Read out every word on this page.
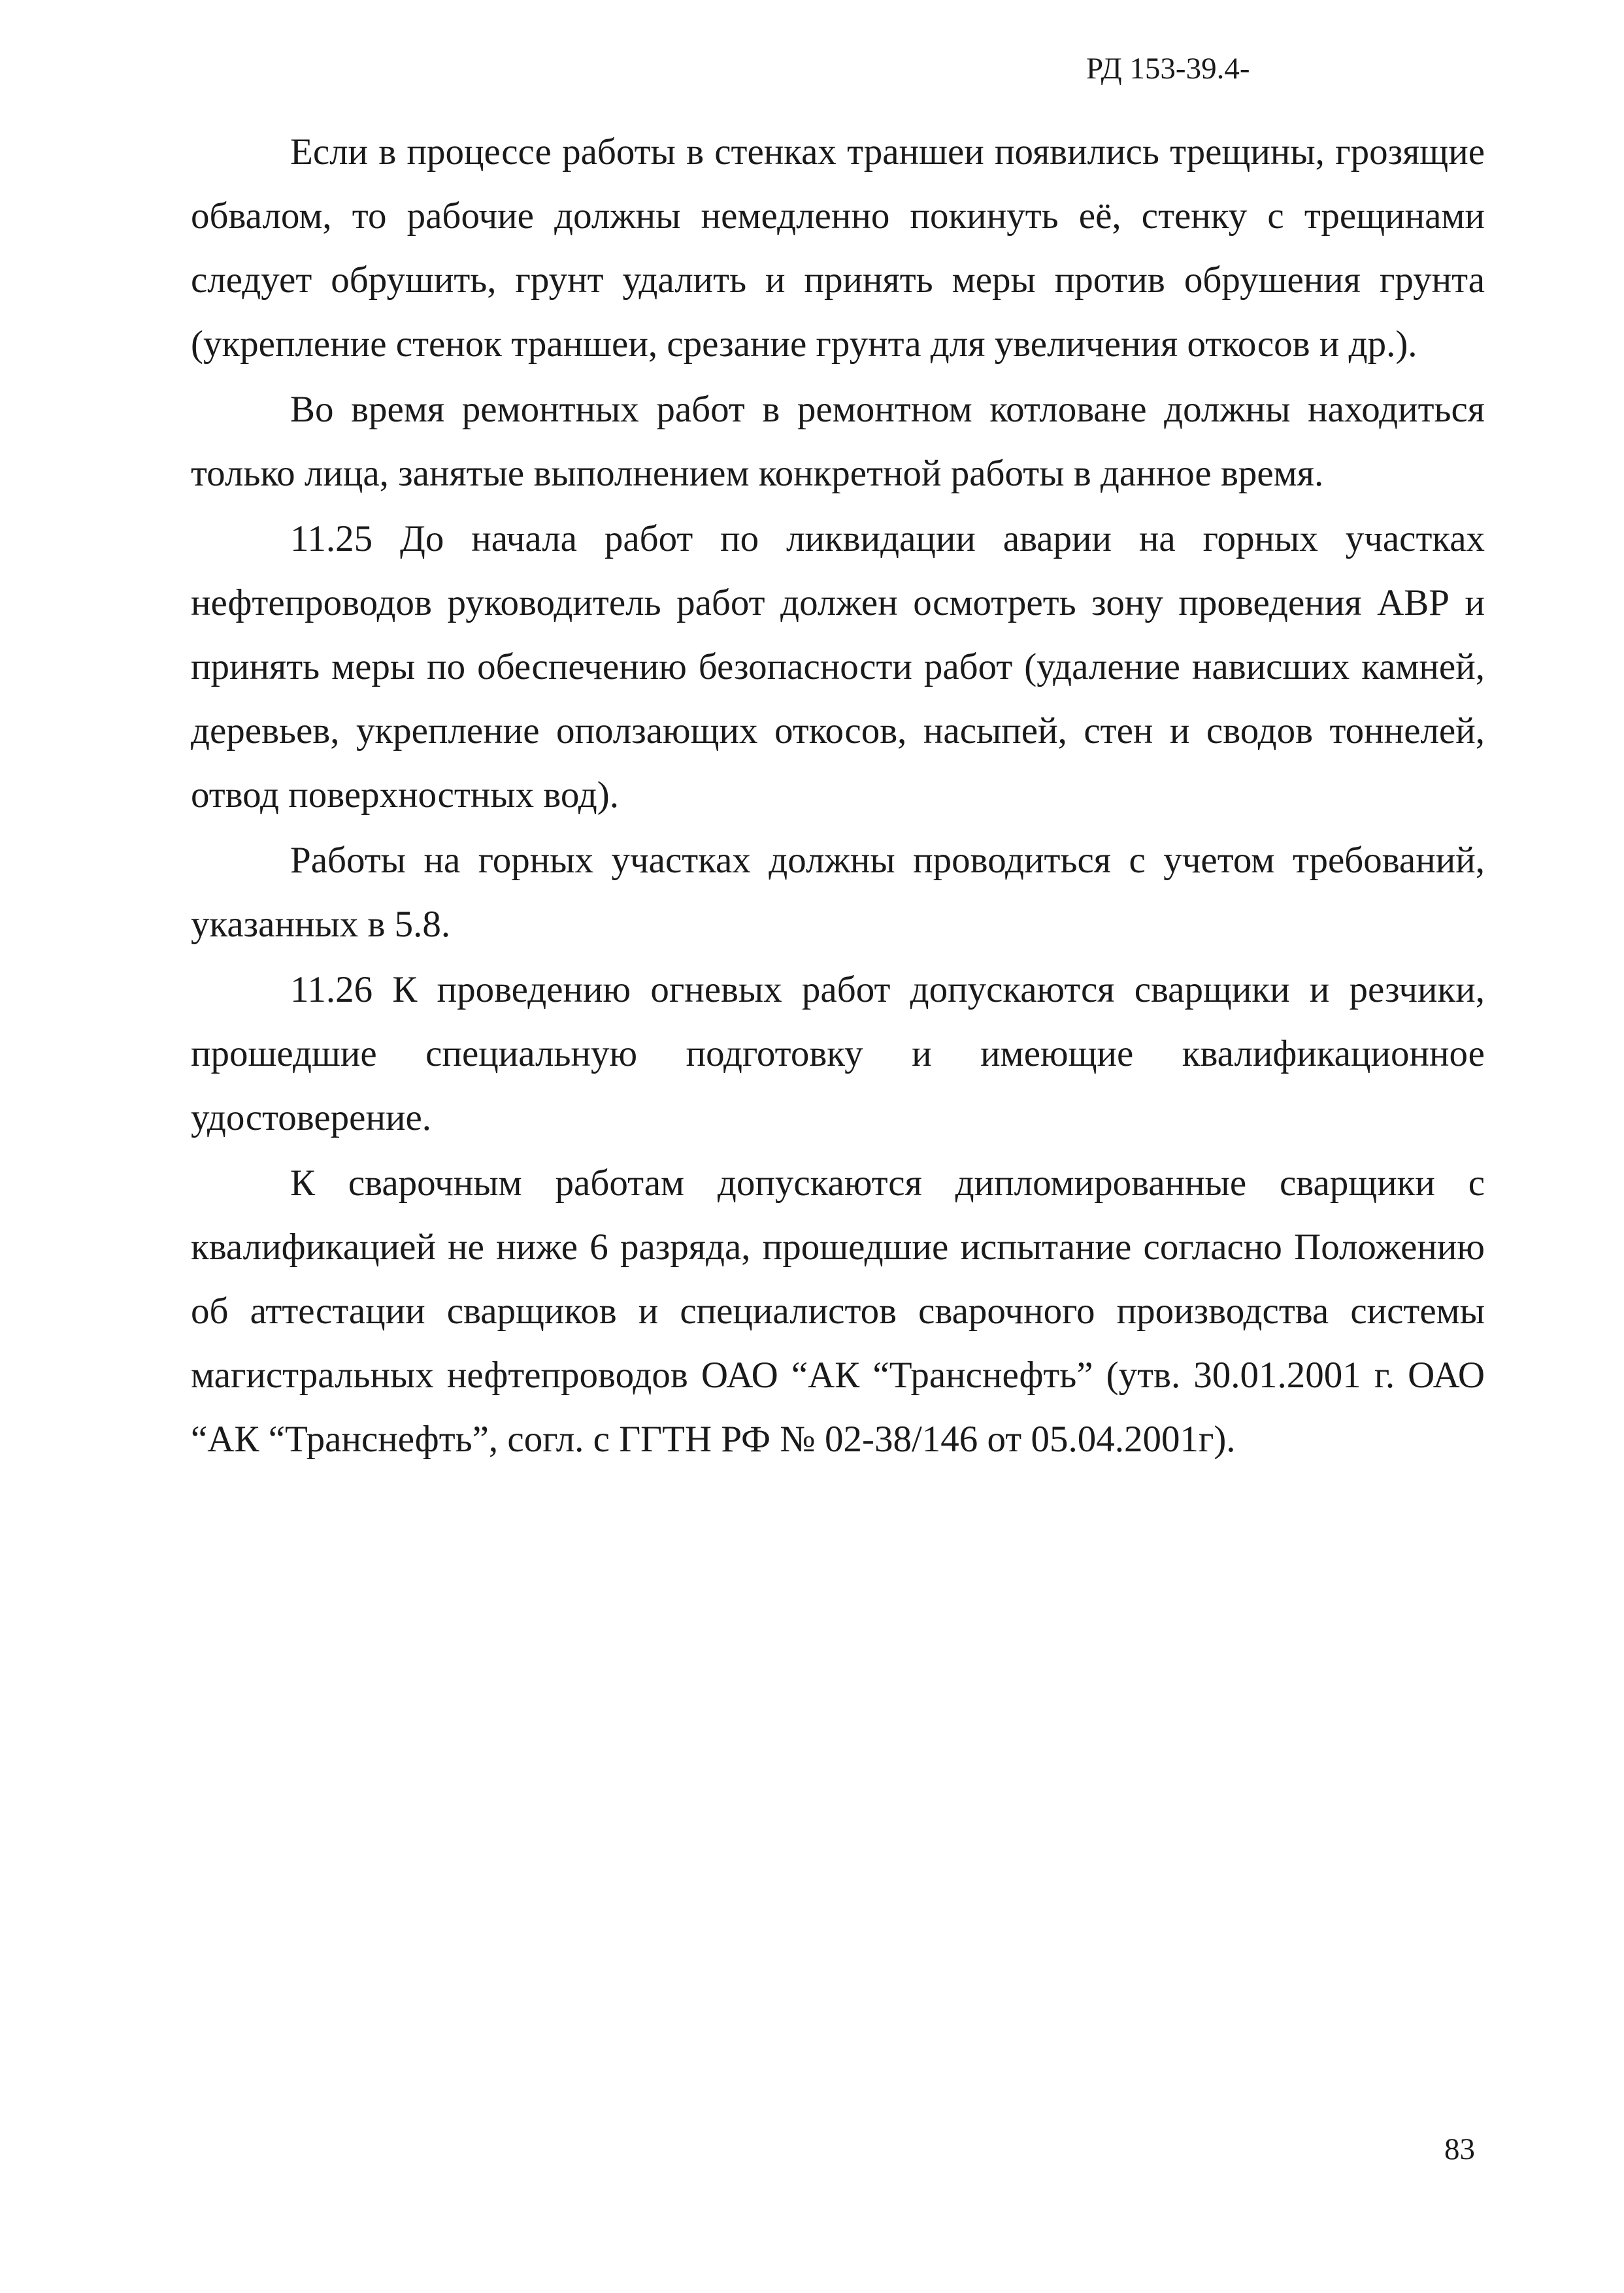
РД 153-39.4-

Если в процессе работы в стенках траншеи появились трещины, грозящие обвалом, то рабочие должны немедленно покинуть её, стенку с трещинами следует обрушить, грунт удалить и принять меры против обрушения грунта (укрепление стенок траншеи, срезание грунта для увеличения откосов и др.).

Во время ремонтных работ в ремонтном котловане должны находиться только лица, занятые выполнением конкретной работы в данное время.

11.25 До начала работ по ликвидации аварии на горных участках нефтепроводов руководитель работ должен осмотреть зону проведения АВР и принять меры по обеспечению безопасности работ (удаление нависших камней, деревьев, укрепление оползающих откосов, насыпей, стен и сводов тоннелей, отвод поверхностных вод).

Работы на горных участках должны проводиться с учетом требований, указанных в 5.8.

11.26 К проведению огневых работ допускаются сварщики и резчики, прошедшие специальную подготовку и имеющие квалификационное удостоверение.

К сварочным работам допускаются дипломированные сварщики с квалификацией не ниже 6 разряда, прошедшие испытание согласно Положению об аттестации сварщиков и специалистов сварочного производства системы магистральных нефтепроводов ОАО “АК “Транснефть” (утв. 30.01.2001 г. ОАО “АК “Транснефть”, согл. с ГГТН РФ № 02-38/146 от 05.04.2001г).

83
